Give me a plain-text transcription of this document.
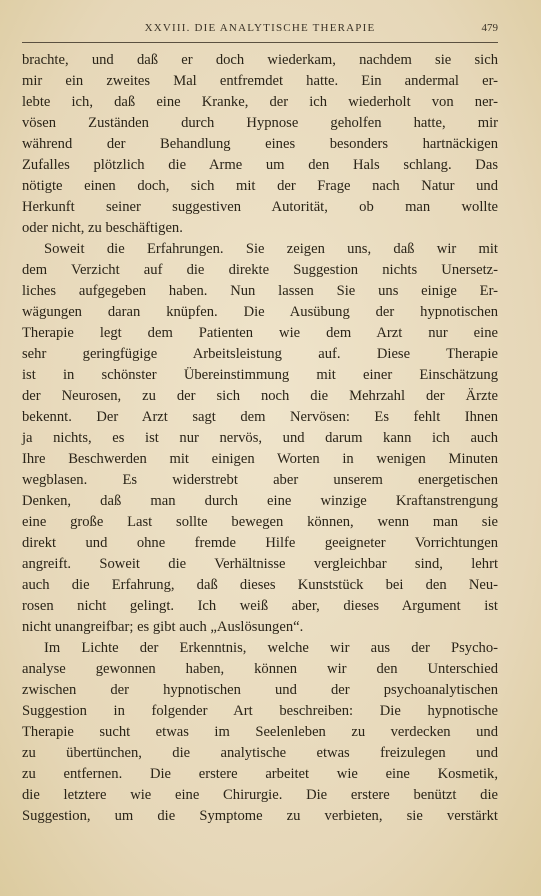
XXVIII. DIE ANALYTISCHE THERAPIE	479
brachte, und daß er doch wiederkam, nachdem sie sich
mir ein zweites Mal entfremdet hatte. Ein andermal er-
lebte ich, daß eine Kranke, der ich wiederholt von ner-
vösen Zuständen durch Hypnose geholfen hatte, mir
während der Behandlung eines besonders hartnäckigen
Zufalles plötzlich die Arme um den Hals schlang. Das
nötigte einen doch, sich mit der Frage nach Natur und
Herkunft seiner suggestiven Autorität, ob man wollte
oder nicht, zu beschäftigen.
Soweit die Erfahrungen. Sie zeigen uns, daß wir mit
dem Verzicht auf die direkte Suggestion nichts Unersetz-
liches aufgegeben haben. Nun lassen Sie uns einige Er-
wägungen daran knüpfen. Die Ausübung der hypnotischen
Therapie legt dem Patienten wie dem Arzt nur eine
sehr geringfügige Arbeitsleistung auf. Diese Therapie
ist in schönster Übereinstimmung mit einer Einschätzung
der Neurosen, zu der sich noch die Mehrzahl der Ärzte
bekennt. Der Arzt sagt dem Nervösen: Es fehlt Ihnen
ja nichts, es ist nur nervös, und darum kann ich auch
Ihre Beschwerden mit einigen Worten in wenigen Minuten
wegblasen. Es widerstrebt aber unserem energetischen
Denken, daß man durch eine winzige Kraftanstrengung
eine große Last sollte bewegen können, wenn man sie
direkt und ohne fremde Hilfe geeigneter Vorrichtungen
angreift. Soweit die Verhältnisse vergleichbar sind, lehrt
auch die Erfahrung, daß dieses Kunststück bei den Neu-
rosen nicht gelingt. Ich weiß aber, dieses Argument ist
nicht unangreifbar; es gibt auch „Auslösungen“.
Im Lichte der Erkenntnis, welche wir aus der Psycho-
analyse gewonnen haben, können wir den Unterschied
zwischen der hypnotischen und der psychoanalytischen
Suggestion in folgender Art beschreiben: Die hypnotische
Therapie sucht etwas im Seelenleben zu verdecken und
zu übertünchen, die analytische etwas freizulegen und
zu entfernen. Die erstere arbeitet wie eine Kosmetik,
die letztere wie eine Chirurgie. Die erstere benützt die
Suggestion, um die Symptome zu verbieten, sie verstärkt
